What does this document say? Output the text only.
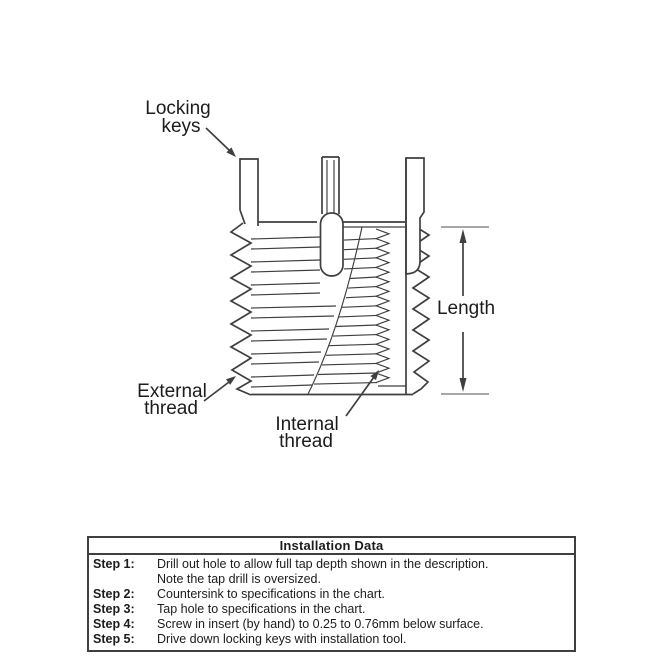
Length
Locking
keys
External
thread
Internal
thread
Installation Data
Step 1:	Drill out hole to allow full tap depth shown in the description.
Note the tap drill is oversized.
Step 2:	Countersink to specifications in the chart.
Step 3:	Tap hole to specifications in the chart.
Step 4:	Screw in insert (by hand) to 0.25 to 0.76mm below surface.
Step 5:	Drive down locking keys with installation tool.
